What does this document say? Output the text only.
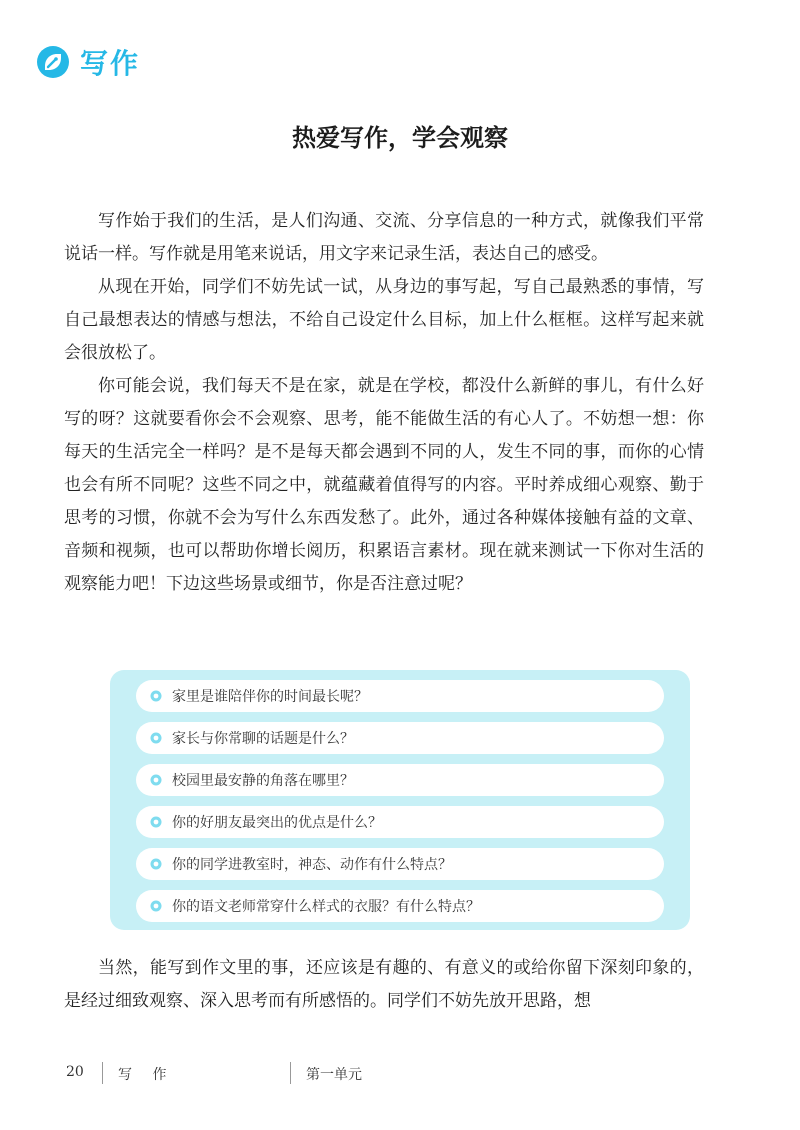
写作
热爱写作，学会观察

写作始于我们的生活，是人们沟通、交流、分享信息的一种方式，就像我们平常说话一样。写作就是用笔来说话，用文字来记录生活，表达自己的感受。

从现在开始，同学们不妨先试一试，从身边的事写起，写自己最熟悉的事情，写自己最想表达的情感与想法，不给自己设定什么目标，加上什么框框。这样写起来就会很放松了。

你可能会说，我们每天不是在家，就是在学校，都没什么新鲜的事儿，有什么好写的呀？这就要看你会不会观察、思考，能不能做生活的有心人了。不妨想一想：你每天的生活完全一样吗？是不是每天都会遇到不同的人，发生不同的事，而你的心情也会有所不同呢？这些不同之中，就蕴藏着值得写的内容。平时养成细心观察、勤于思考的习惯，你就不会为写什么东西发愁了。此外，通过各种媒体接触有益的文章、音频和视频，也可以帮助你增长阅历，积累语言素材。现在就来测试一下你对生活的观察能力吧！下边这些场景或细节，你是否注意过呢？

家里是谁陪伴你的时间最长呢？
家长与你常聊的话题是什么？
校园里最安静的角落在哪里？
你的好朋友最突出的优点是什么？
你的同学进教室时，神态、动作有什么特点？
你的语文老师常穿什么样式的衣服？有什么特点？

当然，能写到作文里的事，还应该是有趣的、有意义的或给你留下深刻印象的，是经过细致观察、深入思考而有所感悟的。同学们不妨先放开思路，想

20 写 作	第一单元
